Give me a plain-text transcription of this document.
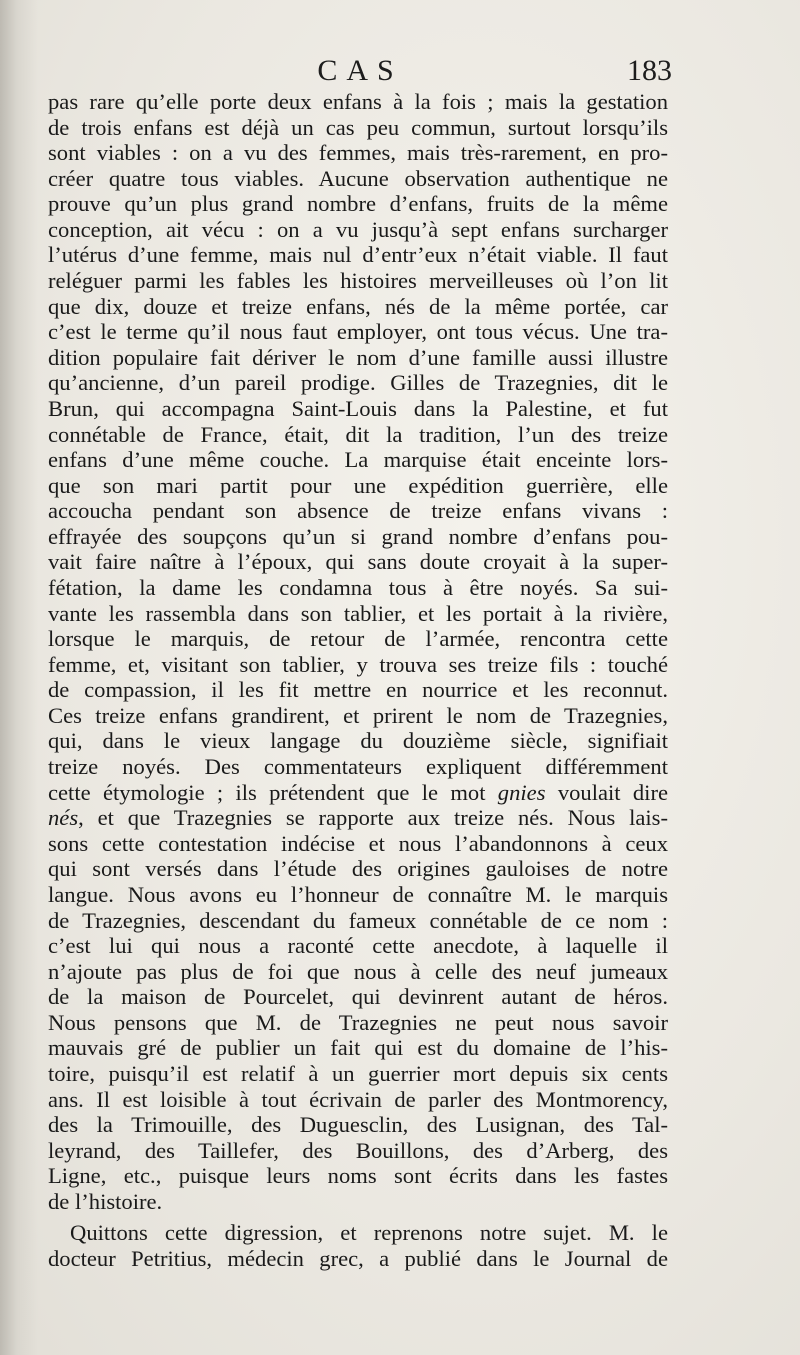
CAS	183
pas rare qu’elle porte deux enfans à la fois ; mais la gestation
de trois enfans est déjà un cas peu commun, surtout lorsqu’ils
sont viables : on a vu des femmes, mais très-rarement, en pro-
créer quatre tous viables. Aucune observation authentique ne
prouve qu’un plus grand nombre d’enfans, fruits de la même
conception, ait vécu : on a vu jusqu’à sept enfans surcharger
l’utérus d’une femme, mais nul d’entr’eux n’était viable. Il faut
reléguer parmi les fables les histoires merveilleuses où l’on lit
que dix, douze et treize enfans, nés de la même portée, car
c’est le terme qu’il nous faut employer, ont tous vécus. Une tra-
dition populaire fait dériver le nom d’une famille aussi illustre
qu’ancienne, d’un pareil prodige. Gilles de Trazegnies, dit le
Brun, qui accompagna Saint-Louis dans la Palestine, et fut
connétable de France, était, dit la tradition, l’un des treize
enfans d’une même couche. La marquise était enceinte lors-
que son mari partit pour une expédition guerrière, elle
accoucha pendant son absence de treize enfans vivans :
effrayée des soupçons qu’un si grand nombre d’enfans pou-
vait faire naître à l’époux, qui sans doute croyait à la super-
fétation, la dame les condamna tous à être noyés. Sa sui-
vante les rassembla dans son tablier, et les portait à la rivière,
lorsque le marquis, de retour de l’armée, rencontra cette
femme, et, visitant son tablier, y trouva ses treize fils : touché
de compassion, il les fit mettre en nourrice et les reconnut.
Ces treize enfans grandirent, et prirent le nom de Trazegnies,
qui, dans le vieux langage du douzième siècle, signifiait
treize noyés. Des commentateurs expliquent différemment
cette étymologie ; ils prétendent que le mot gnies voulait dire
nés, et que Trazegnies se rapporte aux treize nés. Nous lais-
sons cette contestation indécise et nous l’abandonnons à ceux
qui sont versés dans l’étude des origines gauloises de notre
langue. Nous avons eu l’honneur de connaître M. le marquis
de Trazegnies, descendant du fameux connétable de ce nom :
c’est lui qui nous a raconté cette anecdote, à laquelle il
n’ajoute pas plus de foi que nous à celle des neuf jumeaux
de la maison de Pourcelet, qui devinrent autant de héros.
Nous pensons que M. de Trazegnies ne peut nous savoir
mauvais gré de publier un fait qui est du domaine de l’his-
toire, puisqu’il est relatif à un guerrier mort depuis six cents
ans. Il est loisible à tout écrivain de parler des Montmorency,
des la Trimouille, des Duguesclin, des Lusignan, des Tal-
leyrand, des Taillefer, des Bouillons, des d’Arberg, des
Ligne, etc., puisque leurs noms sont écrits dans les fastes
de l’histoire.
Quittons cette digression, et reprenons notre sujet. M. le
docteur Petritius, médecin grec, a publié dans le Journal de
